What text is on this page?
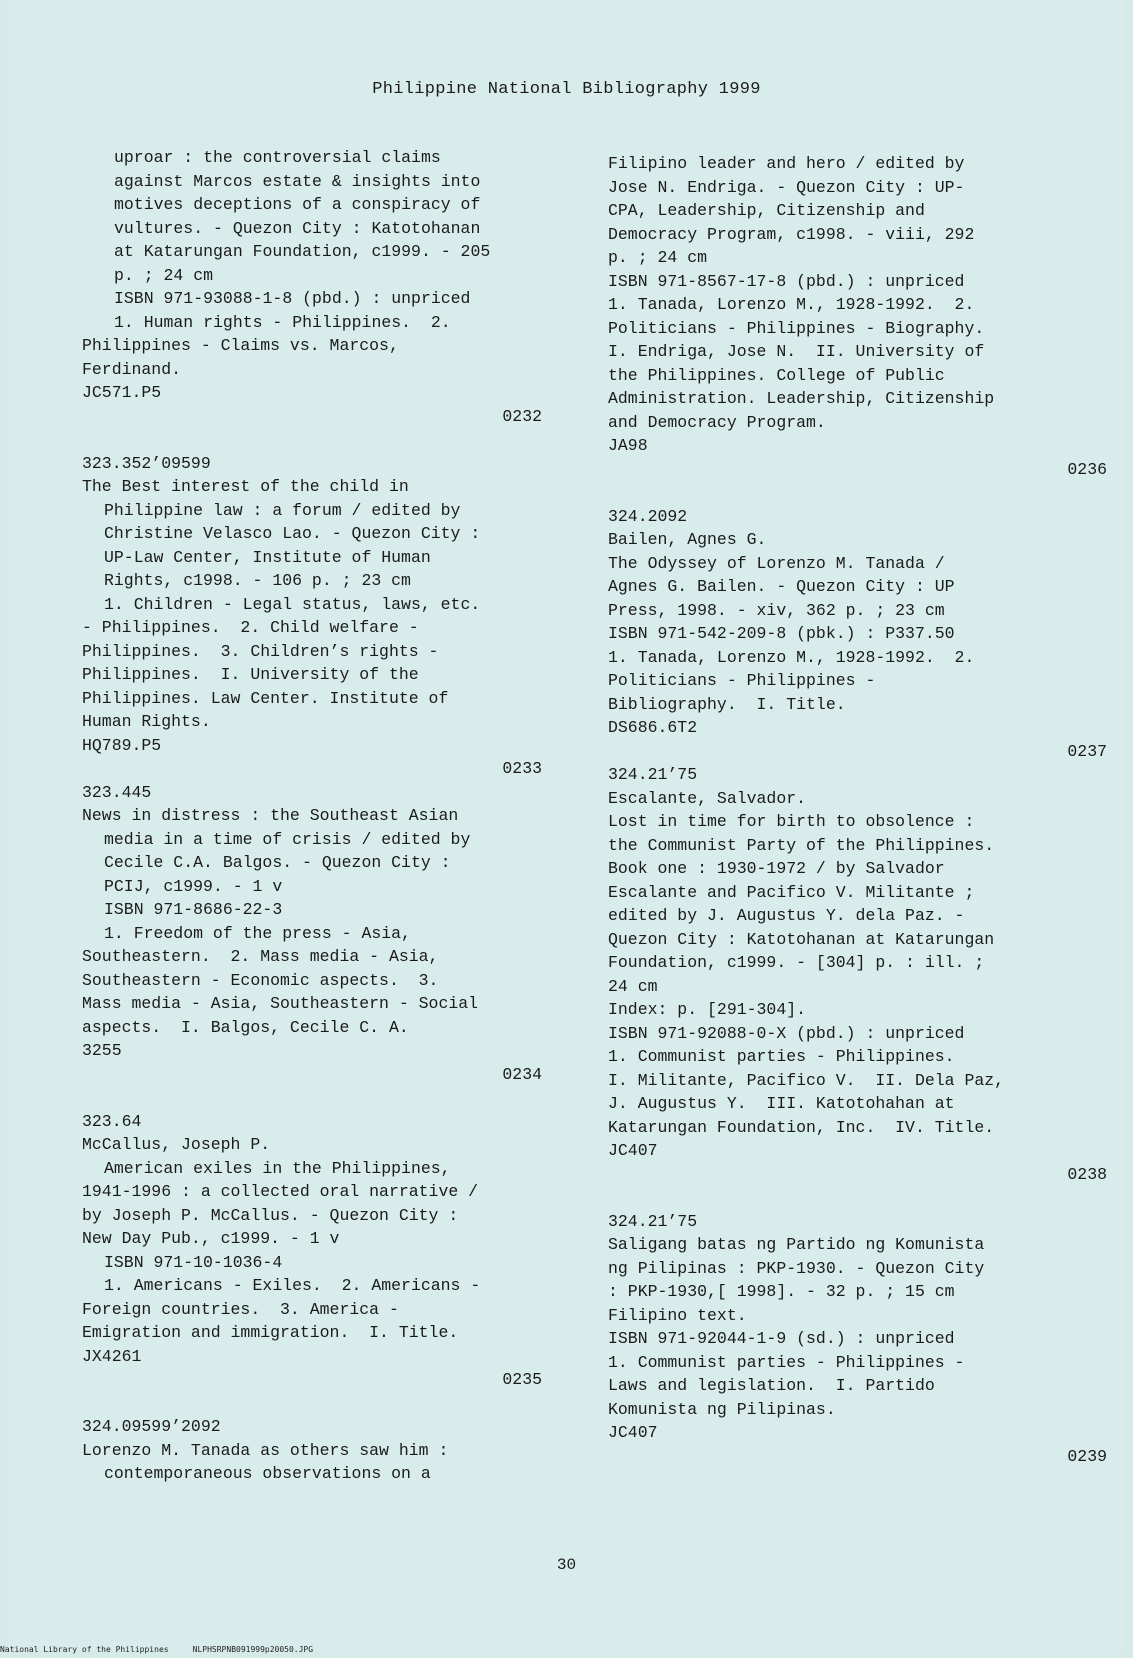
Philippine National Bibliography 1999
uproar : the controversial claims
against Marcos estate & insights into
motives deceptions of a conspiracy of
vultures. - Quezon City : Katotohanan
at Katarungan Foundation, c1999. - 205
p. ; 24 cm
ISBN 971-93088-1-8 (pbd.) : unpriced
1. Human rights - Philippines.  2.
Philippines - Claims vs. Marcos,
Ferdinand.
JC571.P5
0232
323.352’09599
The Best interest of the child in
Philippine law : a forum / edited by
Christine Velasco Lao. - Quezon City :
UP-Law Center, Institute of Human
Rights, c1998. - 106 p. ; 23 cm
1. Children - Legal status, laws, etc.
- Philippines.  2. Child welfare -
Philippines.  3. Children’s rights -
Philippines.  I. University of the
Philippines. Law Center. Institute of
Human Rights.
HQ789.P5
0233
323.445
News in distress : the Southeast Asian
media in a time of crisis / edited by
Cecile C.A. Balgos. - Quezon City :
PCIJ, c1999. - 1 v
ISBN 971-8686-22-3
1. Freedom of the press - Asia,
Southeastern.  2. Mass media - Asia,
Southeastern - Economic aspects.  3.
Mass media - Asia, Southeastern - Social
aspects.  I. Balgos, Cecile C. A.
3255
0234
323.64
McCallus, Joseph P.
American exiles in the Philippines,
1941-1996 : a collected oral narrative /
by Joseph P. McCallus. - Quezon City :
New Day Pub., c1999. - 1 v
ISBN 971-10-1036-4
1. Americans - Exiles.  2. Americans -
Foreign countries.  3. America -
Emigration and immigration.  I. Title.
JX4261
0235
324.09599’2092
Lorenzo M. Tanada as others saw him :
contemporaneous observations on a
Filipino leader and hero / edited by
Jose N. Endriga. - Quezon City : UP-
CPA, Leadership, Citizenship and
Democracy Program, c1998. - viii, 292
p. ; 24 cm
ISBN 971-8567-17-8 (pbd.) : unpriced
1. Tanada, Lorenzo M., 1928-1992.  2.
Politicians - Philippines - Biography.
I. Endriga, Jose N.  II. University of
the Philippines. College of Public
Administration. Leadership, Citizenship
and Democracy Program.
JA98
0236
324.2092
Bailen, Agnes G.
The Odyssey of Lorenzo M. Tanada /
Agnes G. Bailen. - Quezon City : UP
Press, 1998. - xiv, 362 p. ; 23 cm
ISBN 971-542-209-8 (pbk.) : P337.50
1. Tanada, Lorenzo M., 1928-1992.  2.
Politicians - Philippines -
Bibliography.  I. Title.
DS686.6T2
0237
324.21’75
Escalante, Salvador.
Lost in time for birth to obsolence :
the Communist Party of the Philippines.
Book one : 1930-1972 / by Salvador
Escalante and Pacifico V. Militante ;
edited by J. Augustus Y. dela Paz. -
Quezon City : Katotohanan at Katarungan
Foundation, c1999. - [304] p. : ill. ;
24 cm
Index: p. [291-304].
ISBN 971-92088-0-X (pbd.) : unpriced
1. Communist parties - Philippines.
I. Militante, Pacifico V.  II. Dela Paz,
J. Augustus Y.  III. Katotohahan at
Katarungan Foundation, Inc.  IV. Title.
JC407
0238
324.21’75
Saligang batas ng Partido ng Komunista
ng Pilipinas : PKP-1930. - Quezon City
: PKP-1930,[ 1998]. - 32 p. ; 15 cm
Filipino text.
ISBN 971-92044-1-9 (sd.) : unpriced
1. Communist parties - Philippines -
Laws and legislation.  I. Partido
Komunista ng Pilipinas.
JC407
0239
30
National Library of the Philippines     NLPHSRPNB091999p20050.JPG
